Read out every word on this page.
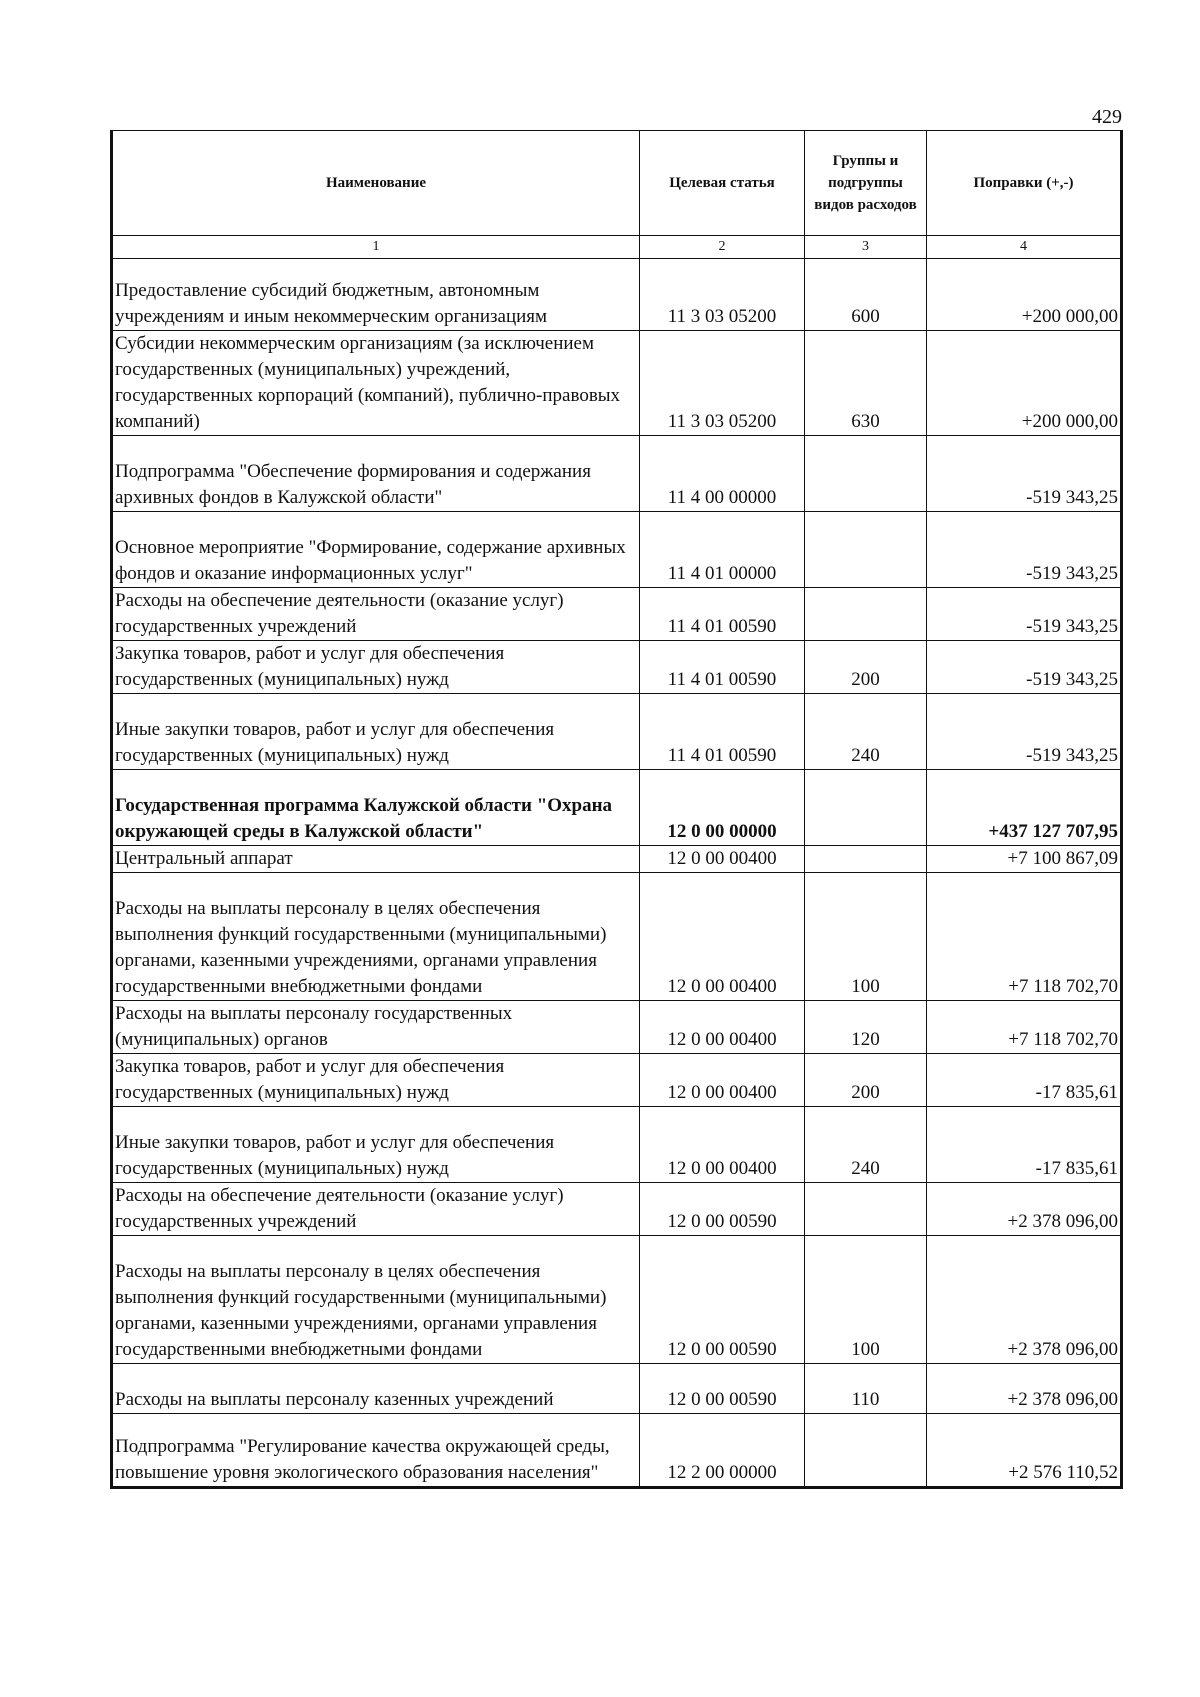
429
Наименование	Целевая статья	Группы и подгруппы видов расходов	Поправки (+,-)
1	2	3	4
Предоставление субсидий бюджетным, автономным учреждениям и иным некоммерческим организациям	11 3 03 05200	600	+200 000,00
Субсидии некоммерческим организациям (за исключением государственных (муниципальных) учреждений, государственных корпораций (компаний), публично-правовых компаний)	11 3 03 05200	630	+200 000,00
Подпрограмма "Обеспечение формирования и содержания архивных фондов в Калужской области"	11 4 00 00000		-519 343,25
Основное мероприятие "Формирование, содержание архивных фондов и оказание информационных услуг"	11 4 01 00000		-519 343,25
Расходы на обеспечение деятельности (оказание услуг) государственных учреждений	11 4 01 00590		-519 343,25
Закупка товаров, работ и услуг для обеспечения государственных (муниципальных) нужд	11 4 01 00590	200	-519 343,25
Иные закупки товаров, работ и услуг для обеспечения государственных (муниципальных) нужд	11 4 01 00590	240	-519 343,25
Государственная программа Калужской области "Охрана окружающей среды в Калужской области"	12 0 00 00000		+437 127 707,95
Центральный аппарат	12 0 00 00400		+7 100 867,09
Расходы на выплаты персоналу в целях обеспечения выполнения функций государственными (муниципальными) органами, казенными учреждениями, органами управления государственными внебюджетными фондами	12 0 00 00400	100	+7 118 702,70
Расходы на выплаты персоналу государственных (муниципальных) органов	12 0 00 00400	120	+7 118 702,70
Закупка товаров, работ и услуг для обеспечения государственных (муниципальных) нужд	12 0 00 00400	200	-17 835,61
Иные закупки товаров, работ и услуг для обеспечения государственных (муниципальных) нужд	12 0 00 00400	240	-17 835,61
Расходы на обеспечение деятельности (оказание услуг) государственных учреждений	12 0 00 00590		+2 378 096,00
Расходы на выплаты персоналу в целях обеспечения выполнения функций государственными (муниципальными) органами, казенными учреждениями, органами управления государственными внебюджетными фондами	12 0 00 00590	100	+2 378 096,00
Расходы на выплаты персоналу казенных учреждений	12 0 00 00590	110	+2 378 096,00
Подпрограмма "Регулирование качества окружающей среды, повышение уровня экологического образования населения"	12 2 00 00000		+2 576 110,52
